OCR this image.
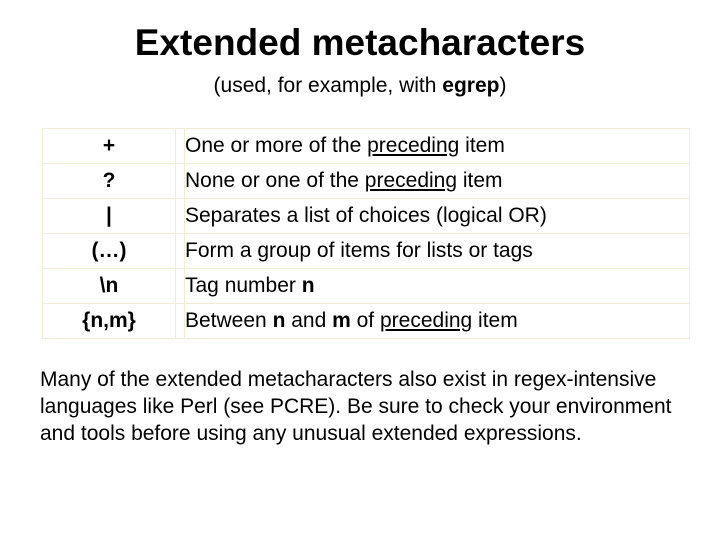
Extended metacharacters
(used, for example, with egrep)
+		One or more of the preceding item
?		None or one of the preceding item
|		Separates a list of choices (logical OR)
(…)		Form a group of items for lists or tags
\n		Tag number n
{n,m}		Between n and m of preceding item
Many of the extended metacharacters also exist in regex-intensive languages like Perl (see PCRE). Be sure to check your environment and tools before using any unusual extended expressions.
